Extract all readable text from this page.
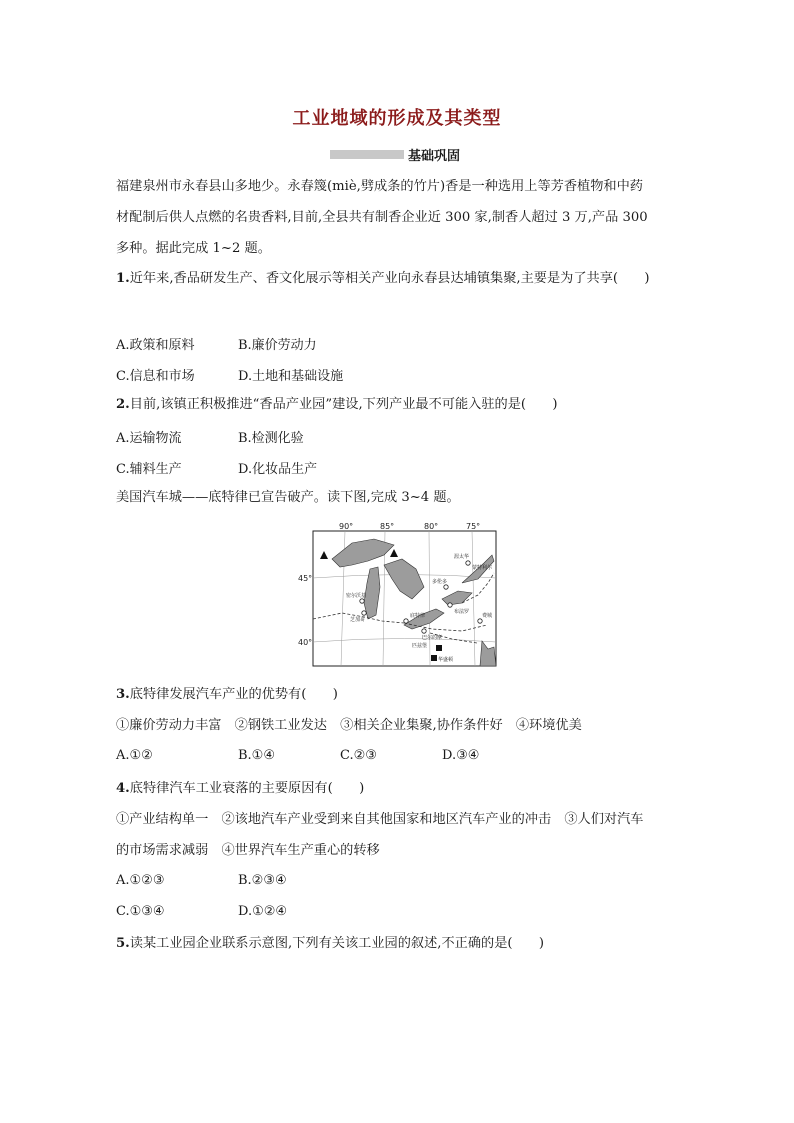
工业地域的形成及其类型
基础巩固
福建泉州市永春县山多地少。永春篾(miè,劈成条的竹片)香是一种选用上等芳香植物和中药
材配制后供人点燃的名贵香料,目前,全县共有制香企业近 300 家,制香人超过 3 万,产品 300
多种。据此完成 1~2 题。
1.近年来,香品研发生产、香文化展示等相关产业向永春县达埔镇集聚,主要是为了共享(　　)
A.政策和原料	B.廉价劳动力
C.信息和市场	D.土地和基础设施
2.目前,该镇正积极推进“香品产业园”建设,下列产业最不可能入驻的是(　　)
A.运输物流	B.检测化验
C.辅料生产	D.化妆品生产
美国汽车城——底特律已宣告破产。读下图,完成 3~4 题。
90°	85°	80°	75°
45°
40°
蒙特利尔
渥太华
多伦多
底特律
布法罗
匹兹堡
华盛顿
芝加哥
密尔沃基
巴尔的摩
费城
3.底特律发展汽车产业的优势有(　　)
①廉价劳动力丰富　②钢铁工业发达　③相关企业集聚,协作条件好　④环境优美
A.①②	B.①④	C.②③	D.③④
4.底特律汽车工业衰落的主要原因有(　　)
①产业结构单一　②该地汽车产业受到来自其他国家和地区汽车产业的冲击　③人们对汽车
的市场需求减弱　④世界汽车生产重心的转移
A.①②③	B.②③④
C.①③④	D.①②④
5.读某工业园企业联系示意图,下列有关该工业园的叙述,不正确的是(　　)
